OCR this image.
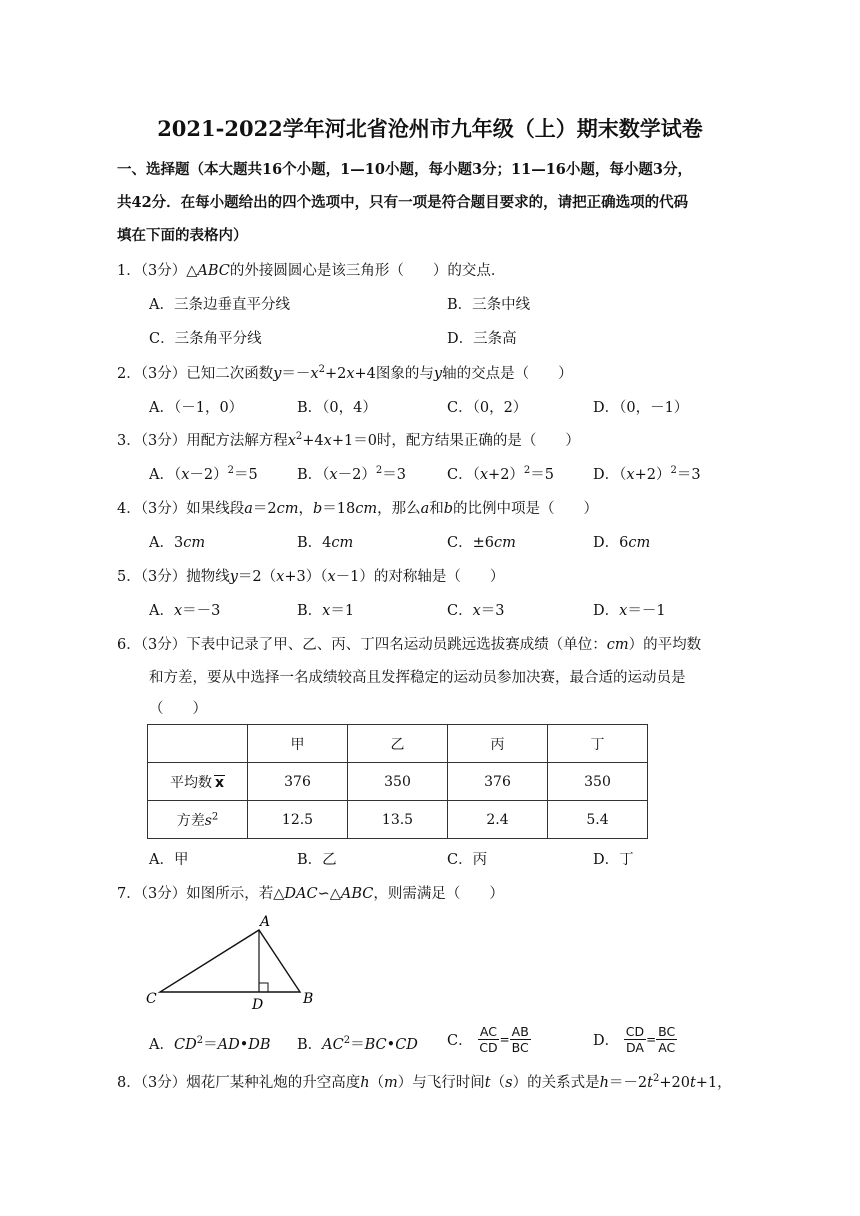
2021-2022学年河北省沧州市九年级（上）期末数学试卷
一、选择题（本大题共16个小题，1—10小题，每小题3分；11—16小题，每小题3分，
共42分．在每小题给出的四个选项中，只有一项是符合题目要求的，请把正确选项的代码
填在下面的表格内）
1．（3分）△ABC的外接圆圆心是该三角形（　　）的交点．
A．三条边垂直平分线	B．三条中线
C．三条角平分线	D．三条高
2．（3分）已知二次函数$y=-x^2+2x+4$图象的与y轴的交点是（　　）
A．（－1，0）	B．（0，4）	C．（0，2）	D．（0，－1）
3．（3分）用配方法解方程$x^2+4x+1=0$时，配方结果正确的是（　　）
A．$(x-2)^2=5$	B．$(x-2)^2=3$	C．$(x+2)^2=5$	D．$(x+2)^2=3$
4．（3分）如果线段a＝2cm，b＝18cm，那么a和b的比例中项是（　　）
A．3cm	B．4cm	C．±6cm	D．6cm
5．（3分）抛物线y＝2（x+3）（x－1）的对称轴是（　　）
A．x＝－3	B．x＝1	C．x＝3	D．x＝－1
6．（3分）下表中记录了甲、乙、丙、丁四名运动员跳远选拔赛成绩（单位：cm）的平均数
和方差，要从中选择一名成绩较高且发挥稳定的运动员参加决赛，最合适的运动员是
（　　）
	甲	乙	丙	丁
平均数 x	376	350	376	350
方差$s^2$	12.5	13.5	2.4	5.4
A．甲	B．乙	C．丙	D．丁
7．（3分）如图所示，若△DAC∽△ABC，则需满足（　　）
A
B
C	D
A．$CD^2=AD•DB$ B．$AC^2=BC•CD$ C． $\frac{AC}{CD} = \frac{AB}{BC}$	D． $\frac{CD}{DA} = \frac{BC}{AC}$
8．（3分）烟花厂某种礼炮的升空高度h（m）与飞行时间t（s）的关系式是$h=-2t^2+20t+1$，
